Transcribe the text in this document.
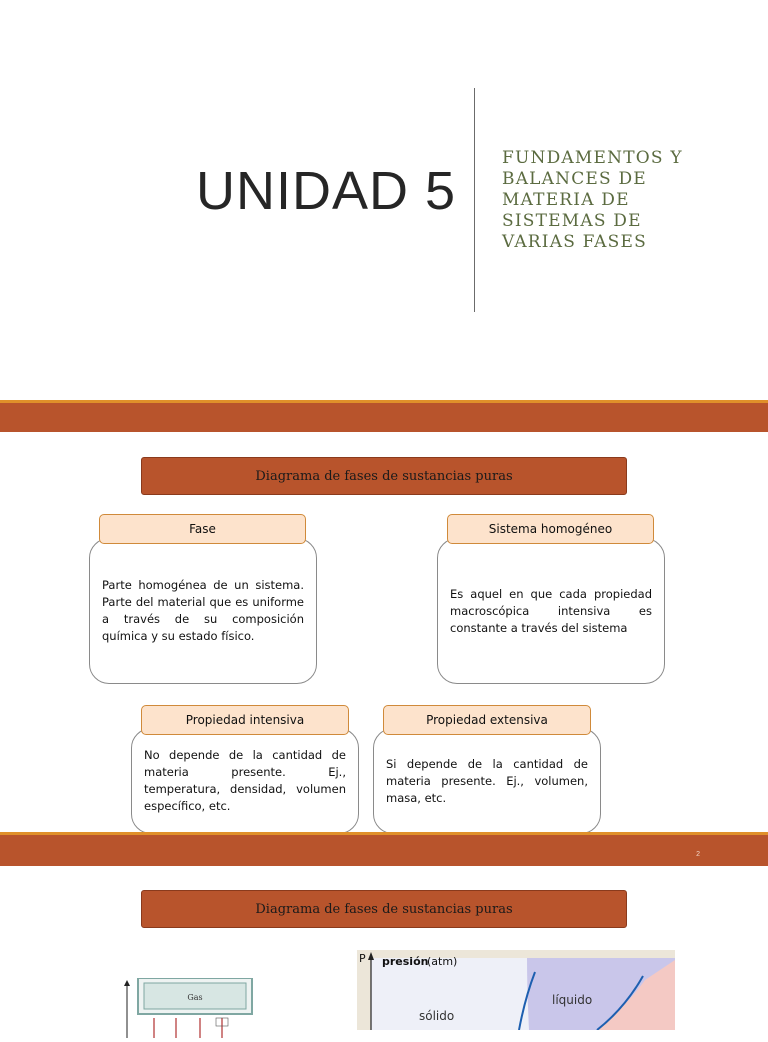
UNIDAD 5
FUNDAMENTOS Y
BALANCES DE
MATERIA DE
SISTEMAS DE
VARIAS FASES
Diagrama de fases de sustancias puras
Parte homogénea de un sistema. Parte del material que es uniforme a través de su composición química y su estado físico.
Fase
Es aquel en que cada propiedad macroscópica intensiva es constante a través del sistema
Sistema homogéneo
No depende de la cantidad de materia presente. Ej., temperatura, densidad, volumen específico, etc.
Propiedad intensiva
Si depende de la cantidad de materia presente. Ej., volumen, masa, etc.
Propiedad extensiva
2
Diagrama de fases de sustancias puras
Gas
P presión
(atm)
líquido
sólido
